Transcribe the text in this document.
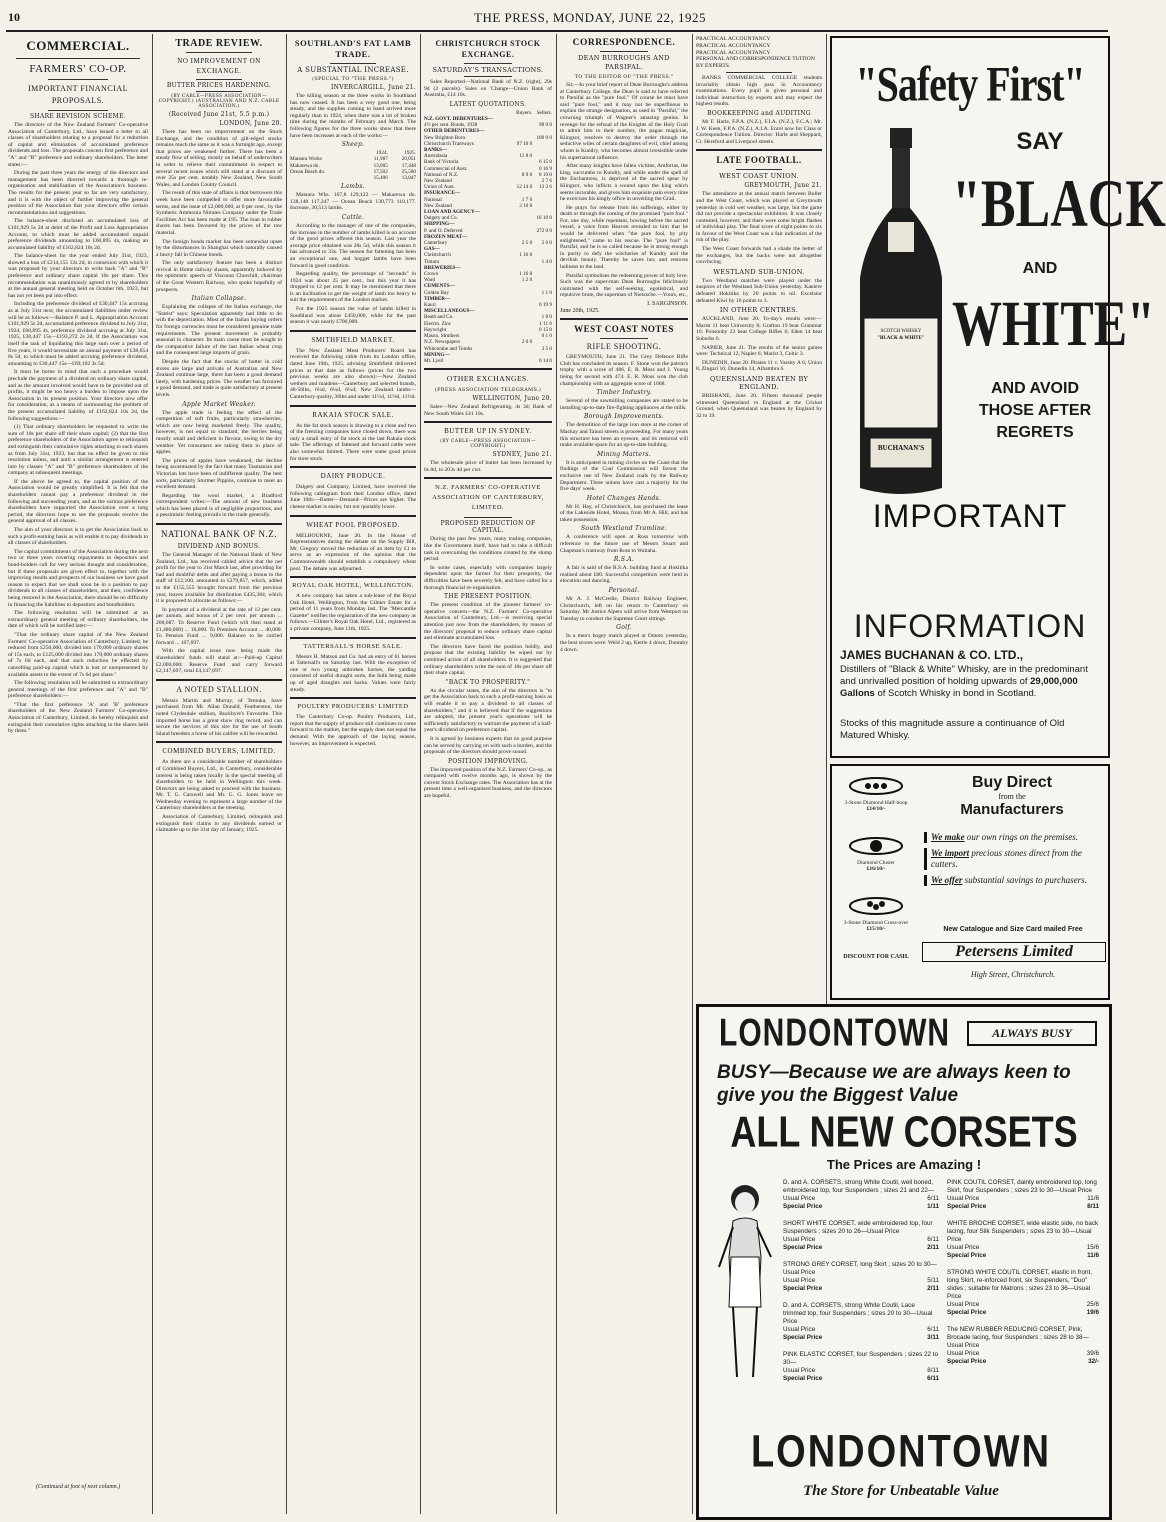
10	THE PRESS, MONDAY, JUNE 22, 1925
COMMERCIAL.
FARMERS' CO-OP.
IMPORTANT FINANCIAL PROPOSALS.
SHARE REVISION SCHEME.

The directors of the New Zealand Farmers' Co-operative Association of Canterbury, Ltd., have issued a letter to all classes of shareholders relating to a proposal for a reduction of capital and elimination of accumulated preference dividends and loss. The proposals concern first preference and "A" and "B" preference and ordinary shareholders. The letter states:—

During the past three years the energy of the directors and management has been directed towards a thorough re-organisation and stabilisation of the Association's business. The results for the present year so far are very satisfactory, and it is with the object of further improving the general position of the Association that your directors offer certain recommendations and suggestions.

The balance-sheet disclosed an accumulated loss of £101,929 5s 2d at debit of the Profit and Loss Appropriation Account, to which must be added accumulated unpaid preference dividends amounting to £60,895 4s, making an accumulated liability of £162,824 10s 2d.

The balance-sheet for the year ended July 31st, 1923, showed a loss of £214,155 12s 2d, in connexion with which it was proposed by your directors to write back "A" and "B" preference and ordinary share capital 10s per share. This recommendation was unanimously agreed to by shareholders at the annual general meeting held on October 6th, 1923, but has not yet been put into effect.

Including the preference dividend of £30,447 15s accruing as at July 31st next, the accumulated liabilities under review will be as follows:—Balance P. and L. Appropriation Account £101,929 5s 2d, accumulated preference dividend to July 31st, 1924, £60,895 4s, preference dividend accruing at July 31st, 1925, £30,447 15s—£193,272 2s 2d. If the Association was itself the task of liquidating this large sum over a period of five years, it would necessitate an annual payment of £38,654 8s 5d, to which must be added accruing preference dividend, amounting to £30,447 15s—£69,102 3s 5d.

It must be borne in mind that such a procedure would preclude the payment of a dividend on ordinary share capital, and as the amount involved would have to be provided out of profits, it might be too heavy a burden to impose upon the Association in its present position. Your directors now offer for consideration, as a means of surmounting the problem of the present accumulated liability of £162,824 10s 2d, the following suggestions:—

(1) That ordinary shareholders be requested to write the sum of 10s per share off their share capital; (2) that the first preference shareholders of the Association agree to relinquish and extinguish their cumulative rights attaching to such shares as from July 31st, 1923, but that no effect be given to this resolution unless, and until a similar arrangement is entered into by classes "A" and "B" preference shareholders of the company at subsequent meetings.

If the above be agreed to, the capital position of the Association would be greatly simplified. It is felt that the shareholders cannot pay a preference dividend in the following and succeeding years, and as the various preference shareholders have supported the Association over a long period, the directors hope to see the proposals receive the general approval of all classes.

The aim of your directors is to get the Association back to such a profit-earning basis as will enable it to pay dividends to all classes of shareholders.

The capital commitments of the Association during the next two or three years covering repayments to depositors and bond-holders call for very serious thought and consideration, but if these proposals are given effect to, together with the improving results and prospects of our business we have good reason to expect that we shall soon be in a position to pay dividends to all classes of shareholders, and then, confidence being restored in the Association, there should be no difficulty in financing the liabilities to depositors and bondholders.

The following resolution will be submitted at an extraordinary general meeting of ordinary shareholders, the date of which will be notified later:—

"That the ordinary share capital of the New Zealand Farmers' Co-operative Association of Canterbury, Limited, be reduced from £250,000, divided into 170,000 ordinary shares of 15s each, to £125,000 divided into 170,000 ordinary shares of 7s 6d each, and that such reduction be effected by cancelling paid-up capital which is lost or unrepresented by available assets to the extent of 7s 6d per share."

The following resolution will be submitted to extraordinary general meetings of the first preference and "A" and "B" preference shareholders:—

"That the first preference 'A' and 'B' preference shareholders of the New Zealand Farmers' Co-operative Association of Canterbury, Limited, do hereby relinquish and extinguish their cumulative rights attaching to the shares held by them."

(Continued at foot of next column.)
TRADE REVIEW.
NO IMPROVEMENT ON EXCHANGE.
BUTTER PRICES HARDENING.
(BY CABLE—PRESS ASSOCIATION—COPYRIGHT.) (AUSTRALIAN AND N.Z. CABLE ASSOCIATION.)
(Received June 21st, 5.5 p.m.)
LONDON, June 20.

There has been no improvement on the Stock Exchange, and the condition of gilt-edged stocks remains much the same as it was a fortnight ago, except that prices are weakened further. There has been a steady flow of selling, mostly on behalf of underwriters in order to relieve their commitment in respect to several recent issues which still stand at a discount of over 25s per cent. notably New Zealand, New South Wales, and London County Council.

The result of this state of affairs is that borrowers this week have been compelled to offer more favourable terms, and the issue of £2,000,000, at 6 per cent., by the Synthetic Ammonia Nitrates Company under the Trade Facilities Act has been made at £95. The loan in rubber shares has been favoured by the prices of the raw material.

The foreign bonds market has been somewhat upset by the disturbances in Shanghai which naturally caused a heavy fall in Chinese bonds.

The only satisfactory feature has been a distinct revival in Home railway shares, apparently induced by the optimistic speech of Viscount Churchill, chairman of the Great Western Railway, who spoke hopefully of prospects.

Italian Collapse.

Explaining the collapse of the Italian exchange, the "Statist" says: Speculation apparently had little to do with the depreciation. Most of the Italian buying orders for foreign currencies must be considered genuine trade requirements. The present movement is probably seasonal in character. Its main cause must be sought in the comparative failure of the last Italian wheat crop and the consequent large imports of grain.

Despite the fact that the stocks of butter in cold stores are large and arrivals of Australian and New Zealand continue large, there has been a good demand lately, with hardening prices. The weather has favoured a good demand, and trade is quite satisfactory at present levels.

Apple Market Weaker.

The apple trade is feeling the effect of the competition of soft fruits, particularly strawberries, which are now being marketed freely. The quality, however, is not equal to standard, the berries being mostly small and deficient in flavour, owing to the dry weather. Yet consumers are taking them in place of apples.

The prices of apples have weakened, the decline being accentuated by the fact that many Tasmanian and Victorian lots have been of indifferent quality. The best sorts, particularly Sturmer Pippins, continue to meet an excellent demand.

Regarding the wool market, a Bradford correspondent writes:—The amount of new business which has been placed is of negligible proportions, and a pessimistic feeling prevails in the trade generally.

NATIONAL BANK OF N.Z.
DIVIDEND AND BONUS.

The General Manager of the National Bank of New Zealand, Ltd., has received cabled advice that the net profit for the year to 31st March last, after providing for bad and doubtful debts and after paying a bonus to the staff of £12,100, amounted to £279,857, which, added to the £155,555 brought forward from the previous year, leaves available for distribution £435,384, which it is proposed to allocate as follows:—

In payment of a dividend at the rate of 12 per cent. per annum, and bonus of 2 per cent. per annum ... 208,687. To Reserve Fund (which will then stand at £1,480,000) ... 10,000. To Premises Account ... 40,000. To Pension Fund ... 9,000. Balance to be carried forward ... 167,697.

With the capital issue now being made the shareholders' funds will stand at:—Paid-up Capital £2,000,000; Reserve Fund and carry forward £2,147,697; total £4,147,697.

A NOTED STALLION.

Messrs Martin and Murray, of Temuka, have purchased from Mr. Allan Donald, Featherston, the noted Clydesdale stallion, Buckbyre's Favourite. This imported horse has a great show ring record, and can secure the services of this sire for the use of South Island breeders a horse of his calibre will be rewarded.

COMBINED BUYERS, LIMITED.

As there are a considerable number of shareholders of Combined Buyers, Ltd., in Canterbury, considerable interest is being taken locally in the special meeting of shareholders to be held in Wellington this week. Directors are being asked to proceed with the business. Mr. T. G. Carswell and Mr. G. G. Jones leave on Wednesday evening to represent a large number of the Canterbury shareholders at the meeting.

Association of Canterbury, Limited, relinquish and extinguish their claims to any dividends earned or claimable up to the 31st day of January, 1925.

SOUTHLAND'S FAT LAMB TRADE.
A SUBSTANTIAL INCREASE.
(SPECIAL TO "THE PRESS.")
INVERCARGILL, June 21.

The killing season at the three works in Southland has now ceased. It has been a very good one, being steady, and the supplies coming to hand arrived more regularly than in 1924, when there was a lot of broken time during the months of February and March. The following figures for the three works show that there have been increases at each of the works:—

Sheep.
	1924.	1925.
Mataura Works	11,987	20,051
Makarewa do.	13,005	17,448
Ocean Beach do.	17,502	25,580
	15,406	13,047
Lambs.

Mataura Wks. 167,8 129,122 — Makarewa do. 138,148 117,247 — Ocean Beach 130,773 110,177. Increase, 30,513 lambs.

Cattle.

According to the manager of one of the companies, the increase in the number of lambs killed is on account of the good prices offered this season. Last year the average price obtained was 28s 5d, while this season it has advanced to 33s. The season for fattening has been an exceptional one, and hogget lambs have been forward in good condition.

Regarding quality, the percentage of "seconds" in 1924 was about 25 per cent., but this year it has dropped to 12 per cent. It may be mentioned that there is an inclination to get the weight of lamb too heavy to suit the requirements of the London market.

For the 1925 season the value of lambs killed in Southland was about £450,000, while for the past season it was nearly £700,000.

SMITHFIELD MARKET.

The New Zealand Meat Producers' Board has received the following cable from its London office, dated June 19th, 1925, advising Smithfield delivered prices at that date as follows (prices for the two previous weeks are also shown):—New Zealand wethers and maidens—Canterbury and selected brands, 48-56lbs, 6¼d, 6¼d, 6¼d; New Zealand lambs—Canterbury quality, 36lbs and under 11½d, 11½d, 11½d.

RAKAIA STOCK SALE.

As the fat stock season is drawing to a close and two of the freezing companies have closed down, there was only a small entry of fat stock at the last Rakaia stock sale. The offerings of fattened and forward cattle were also somewhat limited. There were some good prices for store stock.

DAIRY PRODUCE.

Dalgety and Company, Limited, have received the following cablegram from their London office, dated June 19th:—Butter—Demand—Prices are higher. The cheese market is easier, but not quotably lower.

WHEAT POOL PROPOSED.

MELBOURNE, June 20. In the House of Representatives during the debate on the Supply Bill, Mr. Gregory moved the reduction of an item by £1 to serve as an expression of the opinion that the Commonwealth should establish a compulsory wheat pool. The debate was adjourned.

ROYAL OAK HOTEL, WELLINGTON.

A new company has taken a sub-lease of the Royal Oak Hotel, Wellington, from the Gilmer Estate for a period of 11 years from Monday last. The "Mercantile Gazette" notifies the registration of the new company as follows:—Gilmer's Royal Oak Hotel, Ltd., registered as a private company, June 11th, 1925.

TATTERSALL'S HORSE SALE.

Messrs H. Matson and Co. had an entry of 61 horses at Tattersall's on Saturday last. With the exception of one or two young unbroken horses, the yarding consisted of useful draught sorts, the bulk being made up of aged draughts and hacks. Values were fairly steady.

POULTRY PRODUCERS' LIMITED

The Canterbury Co-op. Poultry Producers, Ltd., report that the supply of produce still continues to come forward to the market, but the supply does not equal the demand. With the approach of the laying season, however, an improvement is expected.

CHRISTCHURCH STOCK EXCHANGE.
SATURDAY'S TRANSACTIONS.

Sales Reported—National Bank of N.Z. (right), 29s 9d (2 parcels). Sales on 'Change—Union Bank of Australia, £14 10s.

LATEST QUOTATIONS.
	Buyers.	Sellers.
N.Z. GOVT. DEBENTURES—		
4½ per cent. Bonds, 1938		98 0 0
OTHER DEBENTURES—		
New Brighton Boro.		100 0 0
Christchurch Tramways	97 10 0	
BANKS—		
Australasia	11 8 0	
Bank of Victoria		6 15 0
Commercial of Aust.		0 16 9
National of N.Z.	8 9 0	8 19 0
New Zealand		2 7 6
Union of Aust.	12 14 0	13 2 6
INSURANCE—		
National	1 7 0	
New Zealand	3 10 0	
LOAN AND AGENCY—		
Dalgety and Co.		16 10 0
SHIPPING—		
P. and O. Deferred		272 0 0
FROZEN MEAT—		
Canterbury	2 5 0	2 6 0
GAS—		
Christchurch	1 16 0	
Timaru		1 4 0
BREWERIES—		
Crown	1 16 0	
Ward	1 2 6	
CEMENTS—		
Golden Bay		1 1 0
TIMBER—		
Kauri		0 19 9
MISCELLANEOUS—		
Beath and Co.		1 8 0
Electro. Zinc		1 11 6
Haywright		0 15 0
Mason, Struthers		0 1 0
N.Z. Newspapers	2 0 0	
Whitcombe and Tombs		3 5 0
MINING—		
Mt. Lyell		0 14 0
OTHER EXCHANGES.
(PRESS ASSOCIATION TELEGRAMS.)
WELLINGTON, June 20.

Sales—New Zealand Refrigerating, 4s 3d; Bank of New South Wales £41 10s.

BUTTER UP IN SYDNEY.
(BY CABLE—PRESS ASSOCIATION—COPYRIGHT.)
SYDNEY, June 21.

The wholesale price of butter has been increased by 6s 8d, to 203s 4d per cwt.

N.Z. FARMERS' CO-OPERATIVE ASSOCIATION OF CANTERBURY, LIMITED.
PROPOSED REDUCTION OF CAPITAL.

During the past few years, many trading companies, like the Government itself, have had to take a difficult task in overcoming the conditions created by the slump period.

In some cases, especially with companies largely dependent upon the farmer for their prosperity, the difficulties have been severely felt, and have called for a thorough financial re-organisation.

THE PRESENT POSITION.

The present condition of the pioneer farmers' co-operative concern—the N.Z. Farmers' Co-operative Association of Canterbury, Ltd.—is receiving special attention just now from the shareholders, by reason of the directors' proposal to reduce ordinary share capital and eliminate accumulated loss.

The directors have faced the position boldly, and propose that the existing liability be wiped out by combined action of all shareholders. It is suggested that ordinary shareholders write the sum of 10s per share off their share capital.

"BACK TO PROSPERITY."

As the circular states, the aim of the directors is "to get the Association back to such a profit-earning basis as will enable it to pay a dividend to all classes of shareholders," and it is believed that if the suggestions are adopted, the present year's operations will be sufficiently satisfactory to warrant the payment of a half-year's dividend on preference capital.

It is agreed by business experts that no good purpose can be served by carrying on with such a burden, and the proposals of the directors should prove sound.

POSITION IMPROVING.

The improved position of the N.Z. Farmers' Co-op., as compared with twelve months ago, is shown by the current Stock Exchange rates. The Association has at the present time a well-organised business, and the directors are hopeful.

CORRESPONDENCE.
DEAN BURROUGHS AND PARSIFAL.
TO THE EDITOR OF "THE PRESS."

Sir,—In your brief report of Dean Burroughs's address at Canterbury College, the Dean is said to have referred to Parsifal as the "pure fool." Of course he must have said "pure fool," and it may not be superfluous to explain the strange designation, as used in "Parsifal," the crowning triumph of Wagner's amazing genius. In revenge for the refusal of the Knights of the Holy Grail to admit him to their number, the pagan magician, Klingsor, resolves to destroy the order through the seductive wiles of certain daughters of evil, chief among whom is Kundry, who becomes almost irresistible under his supernatural influence.

After many knights have fallen victims, Amfortas, the king, succumbs to Kundry, and while under the spell of the Enchantress, is deprived of the sacred spear by Klingsor, who inflicts a wound upon the king which seems incurable, and gives him exquisite pain every time he exercises his kingly office in unveiling the Grail.

He prays for release from his sufferings, either by death or through the coming of the promised "pure fool." For, one day, while repentant, bowing before the sacred vessel, a voice from Heaven revealed to him that he would be delivered when "the pure fool, by pity enlightened," came to his rescue. The "pure fool" is Parsifal, and he is so called because he is strong enough in purity to defy the witcheries of Kundry and the devilish beauty. Thereby he saves her, and restores holiness to the land.

Parsifal symbolises the redeeming power of holy love. Such was the super-man Dean Burroughs felicitously contrasted with the self-seeking, egotistical, and repulsive brute, the superman of Nietzsche.—Yours, etc.,

I. SARGINSON.
June 20th, 1925.
WEST COAST NOTES
RIFLE SHOOTING.

GREYMOUTH, June 21. The Grey Defence Rifle Club has concluded its season. F. Stone won the patron's trophy with a score of 486, E. R. Moss and J. Young tieing for second with 474. E. R. Moss won the club championship with an aggregate score of 1668.

Timber Industry.

Several of the sawmilling companies are stated to be installing up-to-date fire-fighting appliances at the mills.

Borough Improvements.

The demolition of the large iron store at the corner of Mackay and Tainui streets is proceeding. For many years this structure has been an eyesore, and its removal will make available space for an up-to-date building.

Mining Matters.

It is anticipated in mining circles on the Coast that the findings of the Coal Commission will favour the exclusive use of New Zealand coals by the Railway Department. Three unions have cast a majority for the five days' week.

Hotel Changes Hands.

Mr H. Hay, of Christchurch, has purchased the lease of the Lakeside Hotel, Moana, from Mr A. Hill, and has taken possession.

South Westland Tramline.

A conference will open at Ross tomorrow with reference to the future use of Messrs Stuart and Chapman's tramway from Ross to Waitaha.

R.S.A.

A fair is said of the R.S.A. building fund at Hokitika realised about £80. Successful competitors were held in elocution and dancing.

Personal.

Mr A. J. McCredie, District Railway Engineer, Christchurch, left on his return to Canterbury on Saturday. Mr Justice Alpers will arrive from Westport on Tuesday to conduct the Supreme Court sittings.

Golf.

In a men's bogey match played at Omoto yesterday, the best scores were: Weld 2 up, Kettle 4 down, Dunmby 4 down.

PRACTICAL ACCOUNTANCY
PRACTICAL ACCOUNTANCY
PRACTICAL ACCOUNTANCY
PERSONAL AND CORRESPONDENCE TUITION BY EXPERTS.

BANKS COMMERCIAL COLLEGE students invariably obtain high pass in Accountancy examinations. Every pupil is given personal and individual instruction by experts and may expect the highest results.

BOOKKEEPING and AUDITING

Mr F. Harle, F.P.A. (N.Z.), F.I.A. (N.Z.), F.C.A.; Mr. J. W. Keen, F.P.A. (N.Z.), A.I.A. Enrol now for Class or Correspondence Tuition. Director: Harle and Sheppard, Cr. Hereford and Liverpool streets.

LATE FOOTBALL.
WEST COAST UNION.
GREYMOUTH, June 21.

The attendance at the annual match between Buller and the West Coast, which was played at Greymouth yesterday in cold wet weather, was large, but the game did not provide a spectacular exhibition. It was closely contested, however, and there were some bright flashes of individual play. The final score of eight points to six in favour of the West Coast was a fair indication of the run of the play.

The West Coast forwards had a shade the better of the exchanges, but the backs were not altogether convincing.

WESTLAND SUB-UNION.

Two Westland matches were played under the auspices of the Westland Sub-Union yesterday. Kaniere defeated Hokitika by 20 points to nil. Excelsior defeated Kiwi by 16 points to 3.

IN OTHER CENTRES.

AUCKLAND, June 20. To-day's results were:—Marist 11 beat University 8; Grafton 19 beat Grammar 16; Ponsonby 23 beat College Rifles 6; Eden 14 beat Suburbs 6.

NAPIER, June 21. The results of the senior games were: Technical 12, Napier 6; Marist 3, Celtic 3.

DUNEDIN, June 20. Pirates 11 v. Varsity A 6; Union 8, Zingari 16; Dunedin 14, Alhambra 6.

QUEENSLAND BEATEN BY ENGLAND.

BRISBANE, June 20. Fifteen thousand people witnessed Queensland vs England at the Cricket Ground, when Queensland was beaten by England by 32 to 19.

"Safety First"
SAY
"BLACK
AND
WHITE"
AND AVOID
THOSE AFTER
REGRETS
SCOTCH WHISKY
"BLACK & WHITE"
BUCHANAN'S
IMPORTANT
INFORMATION
JAMES BUCHANAN & CO. LTD.,
Distillers of "Black & White" Whisky, are in the predominant and unrivalled position of holding upwards of 29,000,000 Gallons of Scotch Whisky in bond in Scotland.
Stocks of this magnitude assure a continuance of Old Matured Whisky.
3-Stone Diamond Half-hoop
£14/10/-
Diamond Cluster
£16/10/-
3-Stone Diamond Cross-over
£15/10/-
DISCOUNT FOR CASH.
Buy Direct
from the
Manufacturers
We make our own rings on the premises.
We import precious stones direct from the cutters.
We offer substantial savings to purchasers.
New Catalogue and Size Card mailed Free
Petersens Limited
High Street, Christchurch.
LONDONTOWN	ALWAYS BUSY
BUSY—Because we are always keen to give you the Biggest Value
ALL NEW CORSETS
The Prices are Amazing !
D. and A. CORSETS, strong White Coutil, well boned, embroidered top, four Suspenders ; sizes 21 and 22—
Usual Price	6/11
Special Price	1/11
SHORT WHITE CORSET, wide embroidered top, four Suspenders ; sizes 20 to 26—Usual Price
Usual Price	6/11
Special Price	2/11
STRONG GREY CORSET, long Skirt ; sizes 20 to 30—Usual Price
Usual Price	5/11
Special Price	2/11
D. and A. CORSETS, strong White Coutil, Lace trimmed top, four Suspenders ; sizes 20 to 30—Usual Price
Usual Price	6/11
Special Price	3/11
PINK ELASTIC CORSET, four Suspenders ; sizes 22 to 30—
Usual Price	8/11
Special Price	6/11
PINK COUTIL CORSET, dainty embroidered top, long Skirt, four Suspenders ; sizes 23 to 30—Usual Price
Usual Price	11/6
Special Price	8/11
WHITE BROCHE CORSET, wide elastic side, no back lacing, four Silk Suspenders ; sizes 23 to 30—Usual Price
Usual Price	15/6
Special Price	11/6
STRONG WHITE COUTIL CORSET, elastic in front, long Skirt, re-inforced front, six Suspenders, "Duo" slides ; suitable for Matrons ; sizes 23 to 36—Usual Price
Usual Price	25/6
Special Price	19/6
The NEW RUBBER REDUCING CORSET, Pink, Brocade lacing, four Suspenders ; sizes 28 to 38—Usual Price
Usual Price	39/6
Special Price	32/-
LONDONTOWN
The Store for Unbeatable Value
